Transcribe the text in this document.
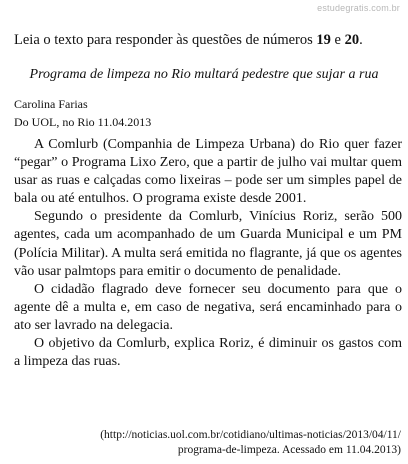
estudegratis.com.br
Leia o texto para responder às questões de números 19 e 20.
Programa de limpeza no Rio multará pedestre que sujar a rua
Carolina Farias
Do UOL, no Rio 11.04.2013

A Comlurb (Companhia de Limpeza Urbana) do Rio quer fazer “pegar” o Programa Lixo Zero, que a partir de julho vai multar quem usar as ruas e calçadas como lixeiras – pode ser um simples papel de bala ou até entulhos. O programa existe desde 2001.

Segundo o presidente da Comlurb, Vinícius Roriz, serão 500 agentes, cada um acompanhado de um Guarda Municipal e um PM (Polícia Militar). A multa será emitida no flagrante, já que os agentes vão usar palmtops para emitir o documento de penalidade.

O cidadão flagrado deve fornecer seu documento para que o agente dê a multa e, em caso de negativa, será encaminhado para o ato ser lavrado na delegacia.

O objetivo da Comlurb, explica Roriz, é diminuir os gastos com a limpeza das ruas.

(http://noticias.uol.com.br/cotidiano/ultimas-noticias/2013/04/11/
programa-de-limpeza. Acessado em 11.04.2013)
